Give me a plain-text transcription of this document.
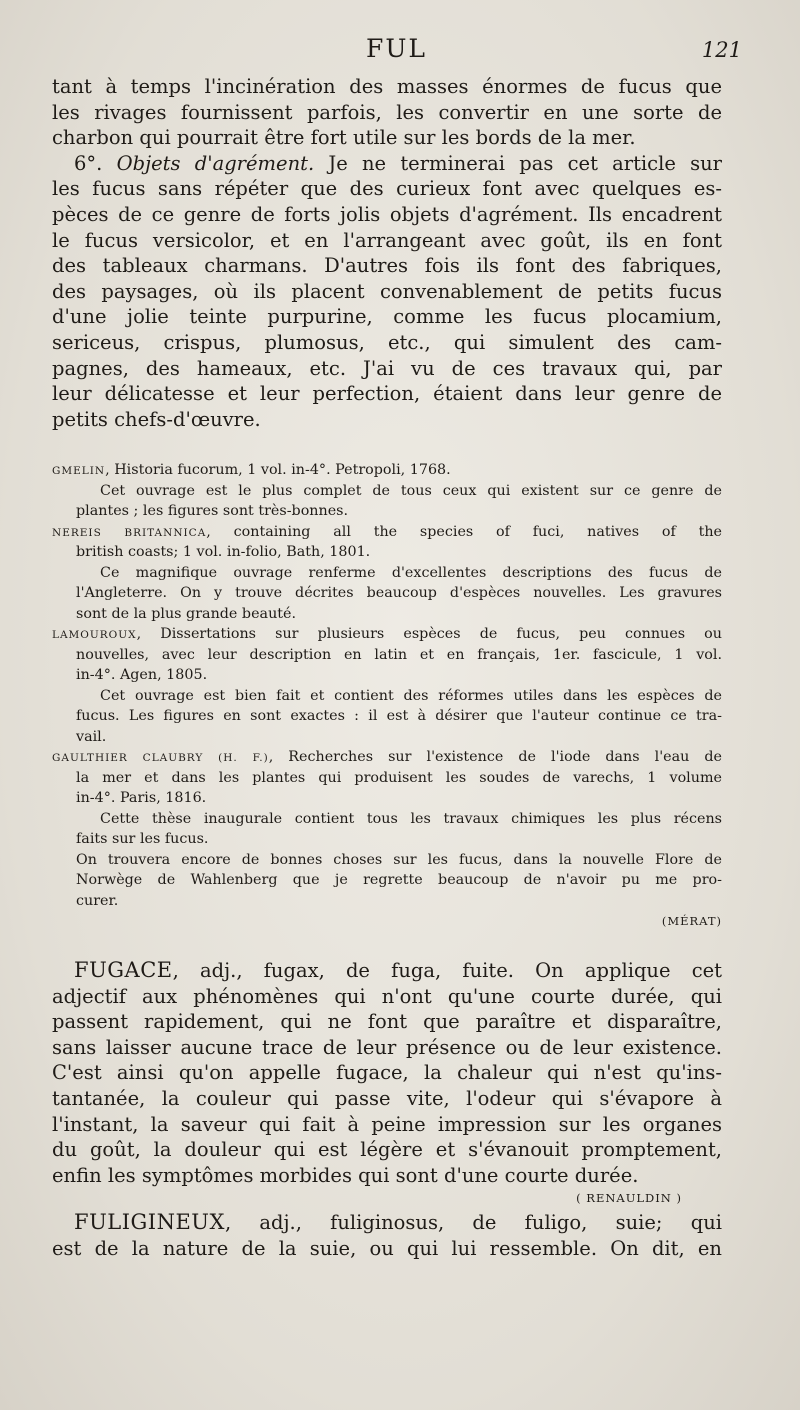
FUL	121
tant à temps l'incinération des masses énormes de fucus que
les rivages fournissent parfois, les convertir en une sorte de
charbon qui pourrait être fort utile sur les bords de la mer.
6°. Objets d'agrément. Je ne terminerai pas cet article sur
les fucus sans répéter que des curieux font avec quelques es-
pèces de ce genre de forts jolis objets d'agrément. Ils encadrent
le fucus versicolor, et en l'arrangeant avec goût, ils en font
des tableaux charmans. D'autres fois ils font des fabriques,
des paysages, où ils placent convenablement de petits fucus
d'une jolie teinte purpurine, comme les fucus plocamium,
sericeus, crispus, plumosus, etc., qui simulent des cam-
pagnes, des hameaux, etc. J'ai vu de ces travaux qui, par
leur délicatesse et leur perfection, étaient dans leur genre de
petits chefs-d'œuvre.
GMELIN, Historia fucorum, 1 vol. in-4°. Petropoli, 1768.
Cet ouvrage est le plus complet de tous ceux qui existent sur ce genre de
plantes ; les figures sont très-bonnes.
NEREIS BRITANNICA, containing all the species of fuci, natives of the
british coasts; 1 vol. in-folio, Bath, 1801.
Ce magnifique ouvrage renferme d'excellentes descriptions des fucus de
l'Angleterre. On y trouve décrites beaucoup d'espèces nouvelles. Les gravures
sont de la plus grande beauté.
LAMOUROUX, Dissertations sur plusieurs espèces de fucus, peu connues ou
nouvelles, avec leur description en latin et en français, 1er. fascicule, 1 vol.
in-4°. Agen, 1805.
Cet ouvrage est bien fait et contient des réformes utiles dans les espèces de
fucus. Les figures en sont exactes : il est à désirer que l'auteur continue ce tra-
vail.
GAULTHIER CLAUBRY (H. F.), Recherches sur l'existence de l'iode dans l'eau de
la mer et dans les plantes qui produisent les soudes de varechs, 1 volume
in-4°. Paris, 1816.
Cette thèse inaugurale contient tous les travaux chimiques les plus récens
faits sur les fucus.
On trouvera encore de bonnes choses sur les fucus, dans la nouvelle Flore de
Norwège de Wahlenberg que je regrette beaucoup de n'avoir pu me pro-
curer.
(MÉRAT)
FUGACE, adj., fugax, de fuga, fuite. On applique cet
adjectif aux phénomènes qui n'ont qu'une courte durée, qui
passent rapidement, qui ne font que paraître et disparaître,
sans laisser aucune trace de leur présence ou de leur existence.
C'est ainsi qu'on appelle fugace, la chaleur qui n'est qu'ins-
tantanée, la couleur qui passe vite, l'odeur qui s'évapore à
l'instant, la saveur qui fait à peine impression sur les organes
du goût, la douleur qui est légère et s'évanouit promptement,
enfin les symptômes morbides qui sont d'une courte durée.
( RENAULDIN )
FULIGINEUX, adj., fuliginosus, de fuligo, suie; qui
est de la nature de la suie, ou qui lui ressemble. On dit, en
